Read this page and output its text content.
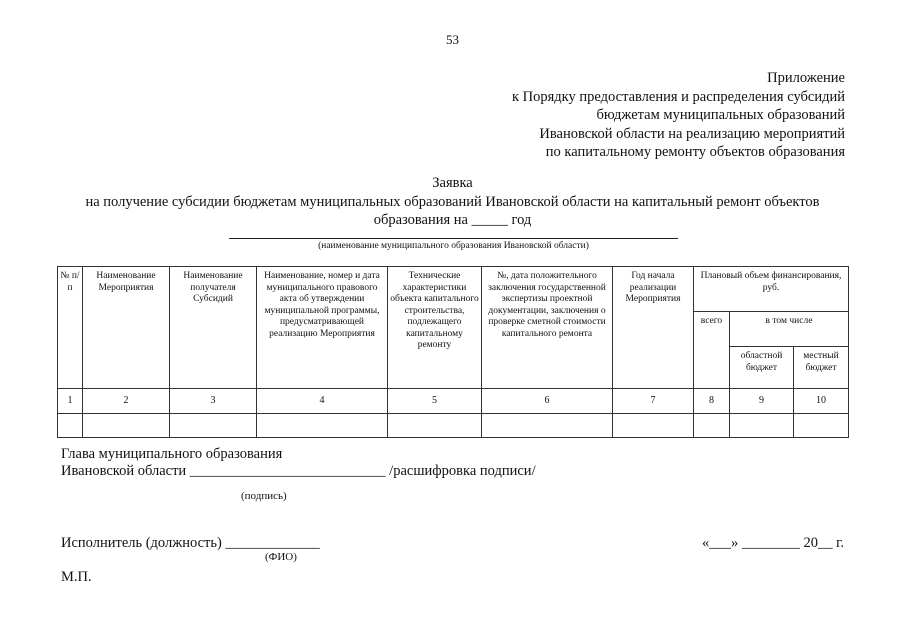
53
Приложение
к Порядку предоставления и распределения субсидий
бюджетам муниципальных образований
Ивановской области на реализацию мероприятий
по капитальному ремонту объектов образования
Заявка
на получение субсидии бюджетам муниципальных образований Ивановской области на капитальный ремонт объектов
образования на _____ год
(наименование муниципального образования Ивановской области)
№ п/п	Наименование Мероприятия	Наименование получателя Субсидий	Наименование, номер и дата муниципального правового акта об утверждении муниципальной программы, предусматривающей реализацию Мероприятия	Технические характеристики объекта капитального строительства, подлежащего капитальному ремонту	№, дата положительного заключения государственной экспертизы проектной документации, заключения о проверке сметной стоимости капитального ремонта	Год начала реализации Мероприятия	Плановый объем финансирования, руб.		
							всего	в том числе	
								областной бюджет	местный бюджет
1	2	3	4	5	6	7	8	9	10

Глава муниципального образования
Ивановской области ___________________________ /расшифровка подписи/
(подпись)
Исполнитель (должность) _____________
(ФИО)
«___» ________ 20__ г.
М.П.
